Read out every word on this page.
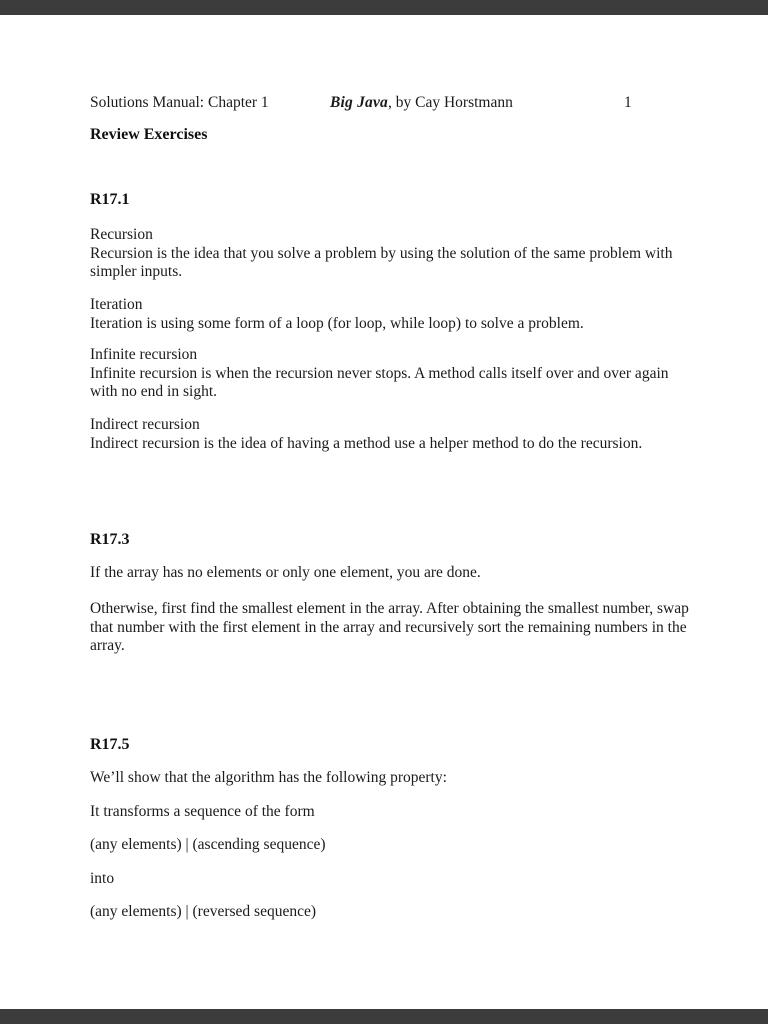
Solutions Manual: Chapter 1	Big Java, by Cay Horstmann	1
Review Exercises
R17.1
Recursion
Recursion is the idea that you solve a problem by using the solution of the same problem with
simpler inputs.
Iteration
Iteration is using some form of a loop (for loop, while loop) to solve a problem.
Infinite recursion
Infinite recursion is when the recursion never stops. A method calls itself over and over again
with no end in sight.
Indirect recursion
Indirect recursion is the idea of having a method use a helper method to do the recursion.
R17.3
If the array has no elements or only one element, you are done.
Otherwise, first find the smallest element in the array. After obtaining the smallest number, swap
that number with the first element in the array and recursively sort the remaining numbers in the
array.
R17.5
We’ll show that the algorithm has the following property:
It transforms a sequence of the form
(any elements) | (ascending sequence)
into
(any elements) | (reversed sequence)
